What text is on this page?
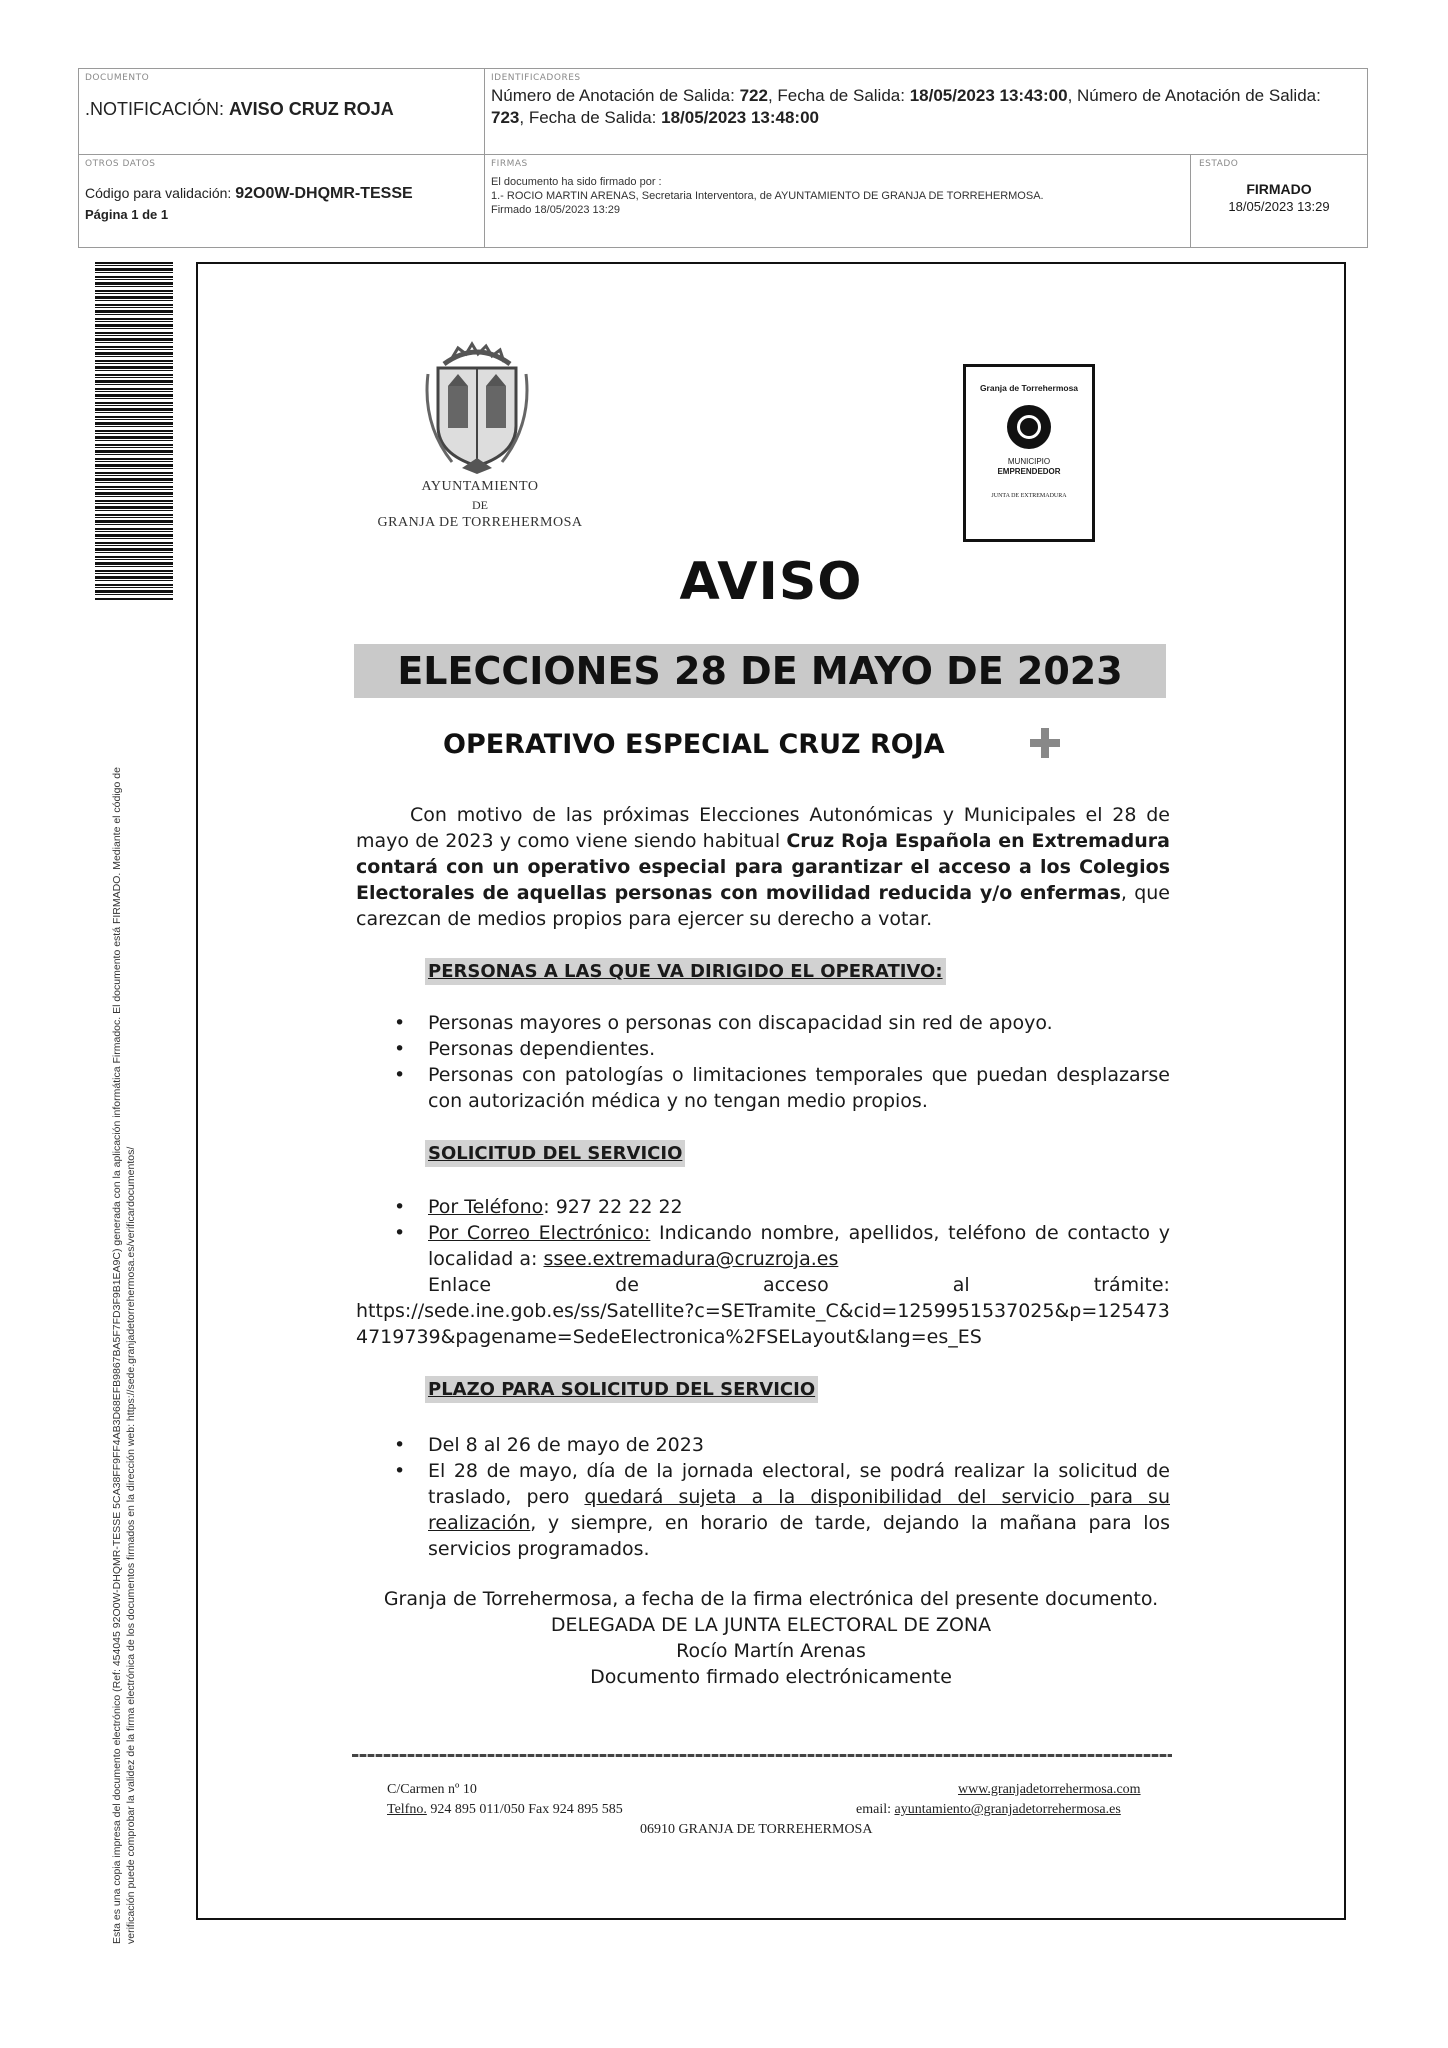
DOCUMENTO
.NOTIFICACIÓN: AVISO CRUZ ROJA
IDENTIFICADORES
Número de Anotación de Salida: 722, Fecha de Salida: 18/05/2023 13:43:00, Número de Anotación de Salida: 723, Fecha de Salida: 18/05/2023 13:48:00
OTROS DATOS
Código para validación: 92O0W-DHQMR-TESSE
Página 1 de 1
FIRMAS
El documento ha sido firmado por :
1.- ROCIO MARTIN ARENAS, Secretaria Interventora, de AYUNTAMIENTO DE GRANJA DE TORREHERMOSA.
Firmado 18/05/2023 13:29
ESTADO
FIRMADO
18/05/2023 13:29
Esta es una copia impresa del documento electrónico (Ref: 454045 92O0W-DHQMR-TESSE 5CA38FF9FF4AB3D68EFB9867BA5F7FD3F9B1EA9C) generada con la aplicación informática Firmadoc. El documento está FIRMADO. Mediante el código de verificación puede comprobar la validez de la firma electrónica de los documentos firmados en la dirección web: https://sede.granjadetorrehermosa.es/verificardocumentos/
AYUNTAMIENTO
DE
GRANJA DE TORREHERMOSA
Granja de Torrehermosa
MUNICIPIO
EMPRENDEDOR
JUNTA DE EXTREMADURA
AVISO
ELECCIONES 28 DE MAYO DE 2023
OPERATIVO ESPECIAL CRUZ ROJA
Con motivo de las próximas Elecciones Autonómicas y Municipales el 28 de mayo de 2023 y como viene siendo habitual Cruz Roja Española en Extremadura contará con un operativo especial para garantizar el acceso a los Colegios Electorales de aquellas personas con movilidad reducida y/o enfermas, que carezcan de medios propios para ejercer su derecho a votar.
PERSONAS A LAS QUE VA DIRIGIDO EL OPERATIVO:
• Personas mayores o personas con discapacidad sin red de apoyo.
• Personas dependientes.
• Personas con patologías o limitaciones temporales que puedan desplazarse con autorización médica y no tengan medio propios.
SOLICITUD DEL SERVICIO
• Por Teléfono: 927 22 22 22
• Por Correo Electrónico: Indicando nombre, apellidos, teléfono de contacto y localidad a: ssee.extremadura@cruzroja.es
Enlace	de	acceso	al	trámite:
https://sede.ine.gob.es/ss/Satellite?c=SETramite_C&cid=1259951537025&p=1254734719739&pagename=SedeElectronica%2FSELayout&lang=es_ES
PLAZO PARA SOLICITUD DEL SERVICIO
• Del 8 al 26 de mayo de 2023
• El 28 de mayo, día de la jornada electoral, se podrá realizar la solicitud de traslado, pero quedará sujeta a la disponibilidad del servicio para su realización, y siempre, en horario de tarde, dejando la mañana para los servicios programados.
Granja de Torrehermosa, a fecha de la firma electrónica del presente documento.
DELEGADA DE LA JUNTA ELECTORAL DE ZONA
Rocío Martín Arenas
Documento firmado electrónicamente
C/Carmen nº 10	www.granjadetorrehermosa.com
Telfno. 924 895 011/050 Fax 924 895 585	email: ayuntamiento@granjadetorrehermosa.es
06910 GRANJA DE TORREHERMOSA
